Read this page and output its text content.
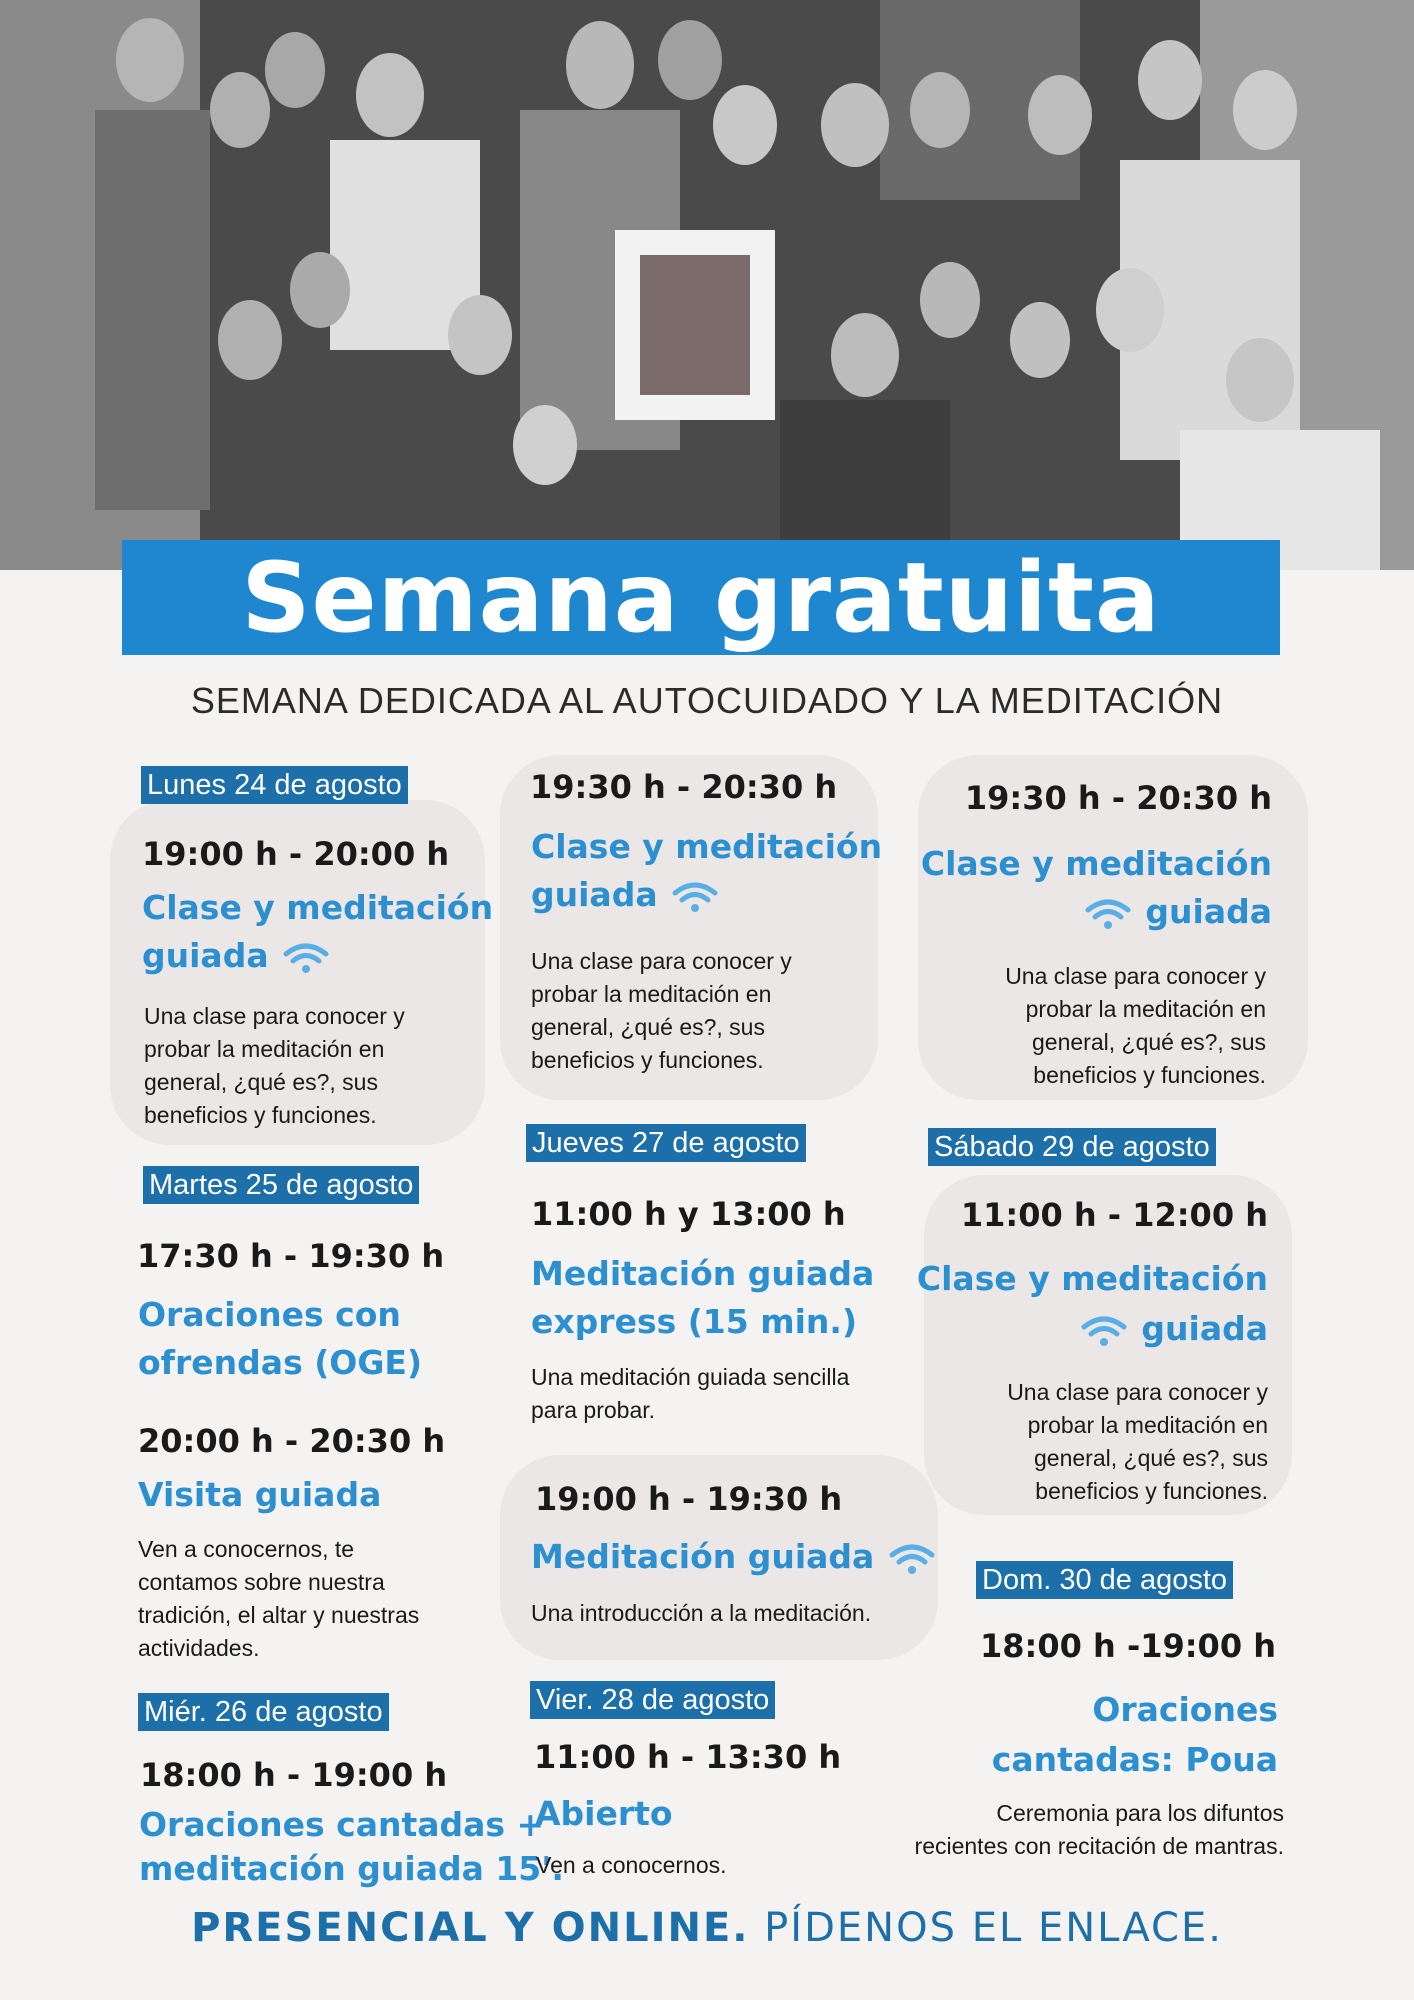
Semana gratuita
SEMANA DEDICADA AL AUTOCUIDADO Y LA MEDITACIÓN
Lunes 24 de agosto
19:00 h - 20:00 h
Clase y meditación
guiada
Una clase para conocer y
probar la meditación en
general, ¿qué es?, sus
beneficios y funciones.
Martes 25 de agosto
17:30 h - 19:30 h
Oraciones con
ofrendas (OGE)
20:00 h - 20:30 h
Visita guiada
Ven a conocernos, te
contamos sobre nuestra
tradición, el altar y nuestras
actividades.
Miér. 26 de agosto
18:00 h - 19:00 h
Oraciones cantadas +
meditación guiada 15'.
19:30 h - 20:30 h
Clase y meditación
guiada
Una clase para conocer y
probar la meditación en
general, ¿qué es?, sus
beneficios y funciones.
Jueves 27 de agosto
11:00 h y 13:00 h
Meditación guiada
express (15 min.)
Una meditación guiada sencilla
para probar.
19:00 h - 19:30 h
Meditación guiada
Una introducción a la meditación.
Vier. 28 de agosto
11:00 h - 13:30 h
Abierto
Ven a conocernos.
19:30 h - 20:30 h
Clase y meditación
guiada
Una clase para conocer y
probar la meditación en
general, ¿qué es?, sus
beneficios y funciones.
Sábado 29 de agosto
11:00 h - 12:00 h
Clase y meditación
guiada
Una clase para conocer y
probar la meditación en
general, ¿qué es?, sus
beneficios y funciones.
Dom. 30 de agosto
18:00 h -19:00 h
Oraciones
cantadas: Poua
Ceremonia para los difuntos
recientes con recitación de mantras.
PRESENCIAL Y ONLINE. PÍDENOS EL ENLACE.
